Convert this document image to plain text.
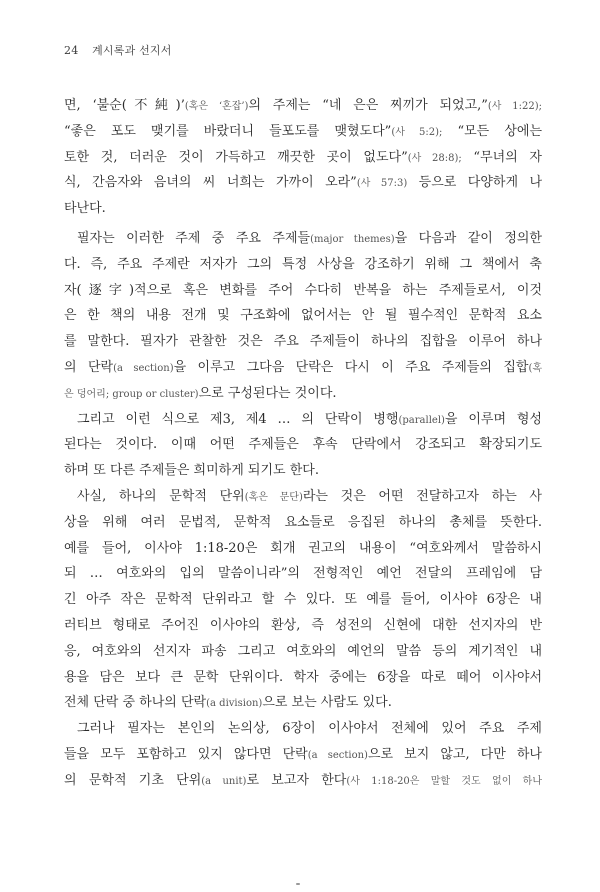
24 계시록과 선지서
면, ‘불순(不純)’(혹은 ‘혼잡’)의 주제는 “네 은은 찌끼가 되었고,”(사 1:22);
“좋은 포도 맺기를 바랐더니 들포도를 맺혔도다”(사 5:2); “모든 상에는
토한 것, 더러운 것이 가득하고 깨끗한 곳이 없도다”(사 28:8); “무녀의 자
식, 간음자와 음녀의 씨 너희는 가까이 오라”(사 57:3) 등으로 다양하게 나
타난다.
필자는 이러한 주제 중 주요 주제들(major themes)을 다음과 같이 정의한
다. 즉, 주요 주제란 저자가 그의 특정 사상을 강조하기 위해 그 책에서 축
자(逐字)적으로 혹은 변화를 주어 수다히 반복을 하는 주제들로서, 이것
은 한 책의 내용 전개 및 구조화에 없어서는 안 될 필수적인 문학적 요소
를 말한다. 필자가 관찰한 것은 주요 주제들이 하나의 집합을 이루어 하나
의 단락(a section)을 이루고 그다음 단락은 다시 이 주요 주제들의 집합(혹
은 덩어리; group or cluster)으로 구성된다는 것이다.
그리고 이런 식으로 제3, 제4 … 의 단락이 병행(parallel)을 이루며 형성
된다는 것이다. 이때 어떤 주제들은 후속 단락에서 강조되고 확장되기도
하며 또 다른 주제들은 희미하게 되기도 한다.
사실, 하나의 문학적 단위(혹은 문단)라는 것은 어떤 전달하고자 하는 사
상을 위해 여러 문법적, 문학적 요소들로 응집된 하나의 총체를 뜻한다.
예를 들어, 이사야 1:18-20은 회개 권고의 내용이 “여호와께서 말씀하시
되 … 여호와의 입의 말씀이니라”의 전형적인 예언 전달의 프레임에 담
긴 아주 작은 문학적 단위라고 할 수 있다. 또 예를 들어, 이사야 6장은 내
러티브 형태로 주어진 이사야의 환상, 즉 성전의 신현에 대한 선지자의 반
응, 여호와의 선지자 파송 그리고 여호와의 예언의 말씀 등의 계기적인 내
용을 담은 보다 큰 문학 단위이다. 학자 중에는 6장을 따로 떼어 이사야서
전체 단락 중 하나의 단락(a division)으로 보는 사람도 있다.
그러나 필자는 본인의 논의상, 6장이 이사야서 전체에 있어 주요 주제
들을 모두 포함하고 있지 않다면 단락(a section)으로 보지 않고, 다만 하나
의 문학적 기초 단위(a unit)로 보고자 한다(사 1:18-20은 말할 것도 없이 하나
